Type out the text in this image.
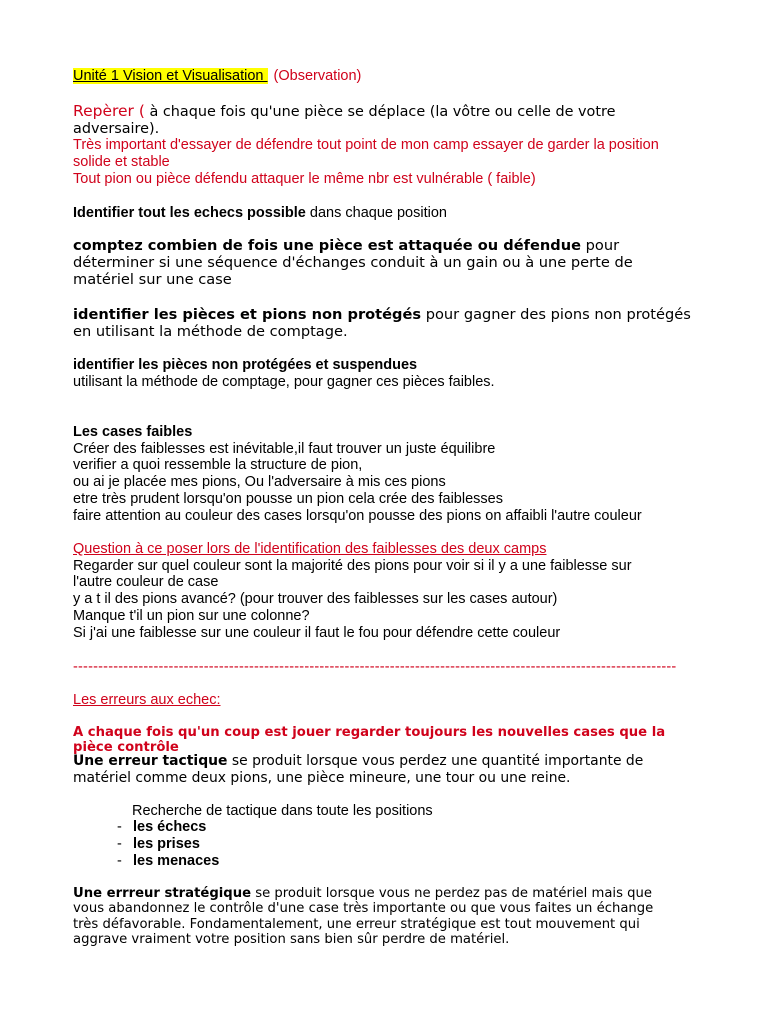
Unité 1 Vision et Visualisation (Observation)
Repèrer ( à chaque fois qu'une pièce se déplace (la vôtre ou celle de votre adversaire).
Très important d'essayer de défendre tout point de mon camp essayer de garder la position solide et stable
Tout pion ou pièce défendu attaquer le même nbr est vulnérable ( faible)
Identifier tout les echecs possible dans chaque position
comptez combien de fois une pièce est attaquée ou défendue pour déterminer si une séquence d'échanges conduit à un gain ou à une perte de matériel sur une case
identifier les pièces et pions non protégés pour gagner des pions non protégés en utilisant la méthode de comptage.
identifier les pièces non protégées et suspendues
utilisant la méthode de comptage, pour gagner ces pièces faibles.
Les cases faibles
Créer des faiblesses est inévitable,il faut trouver un juste équilibre
verifier a quoi ressemble la structure de pion,
ou ai je placée mes pions, Ou l'adversaire à mis ces pions
etre très prudent lorsqu'on pousse un pion cela crée des faiblesses
faire attention au couleur des cases lorsqu'on pousse des pions on affaibli l'autre couleur
Question à ce poser lors de l'identification des faiblesses des deux camps
Regarder sur quel couleur sont la majorité des pions pour voir si il y a une faiblesse sur l'autre couleur de case
y a t il des pions avancé? (pour trouver des faiblesses sur les cases autour)
Manque t'il un pion sur une colonne?
Si j'ai une faiblesse sur une couleur il faut le fou pour défendre cette couleur
------------------------------------------------------------------------------------------------------------------------
Les erreurs aux echec:
A chaque fois qu'un coup est jouer regarder toujours les nouvelles cases que la pièce contrôle
Une erreur tactique se produit lorsque vous perdez une quantité importante de matériel comme deux pions, une pièce mineure, une tour ou une reine.
Recherche de tactique dans toute les positions
- les échecs
- les prises
- les menaces
Une errreur stratégique se produit lorsque vous ne perdez pas de matériel mais que vous abandonnez le contrôle d'une case très importante ou que vous faites un échange très défavorable. Fondamentalement, une erreur stratégique est tout mouvement qui aggrave vraiment votre position sans bien sûr perdre de matériel.
